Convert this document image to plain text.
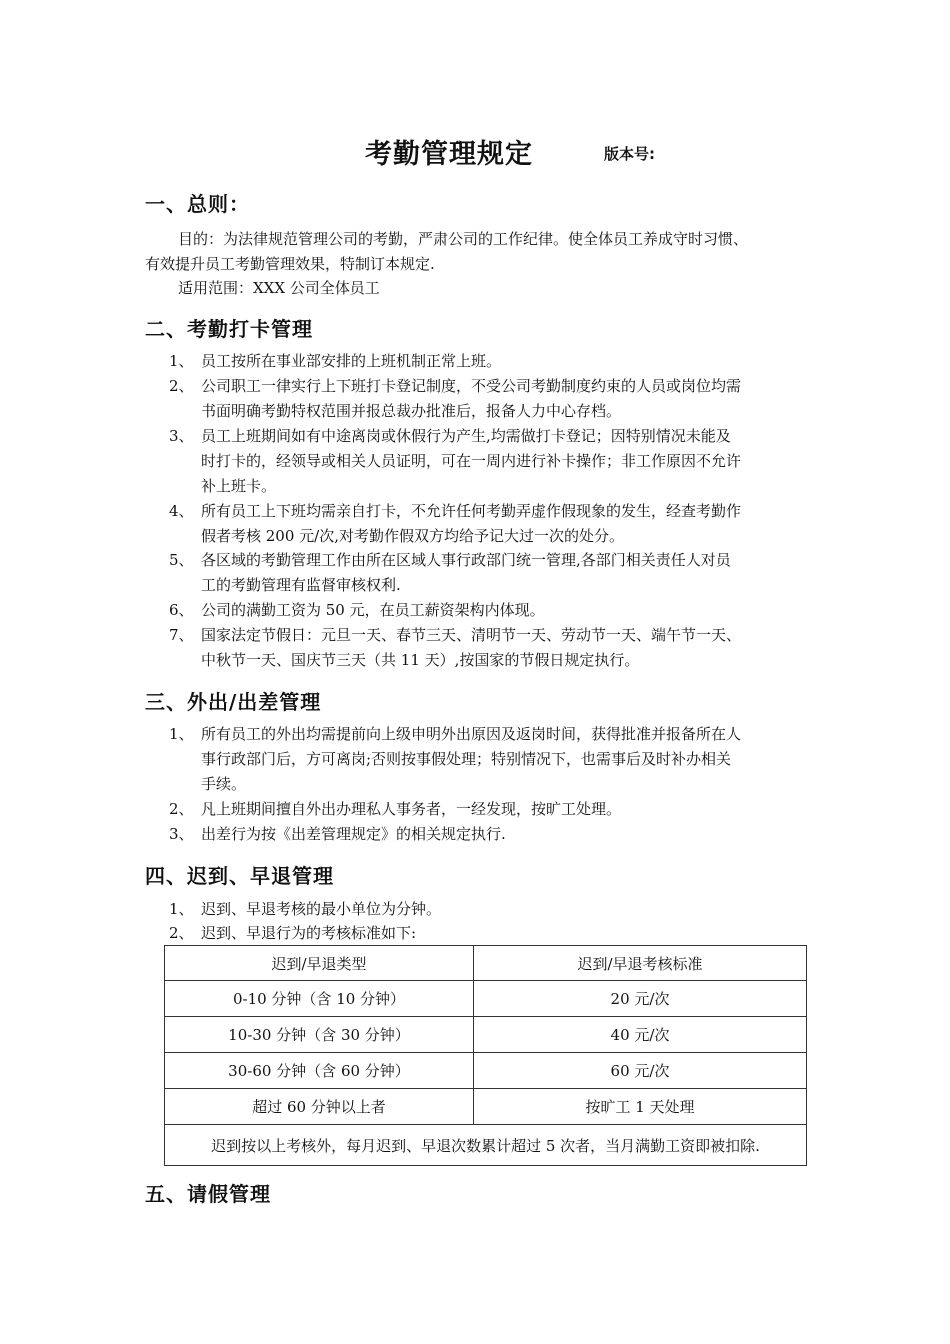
考勤管理规定	版本号:
一、总则：
目的：为法律规范管理公司的考勤，严肃公司的工作纪律。使全体员工养成守时习惯、
有效提升员工考勤管理效果，特制订本规定.
适用范围：XXX 公司全体员工
二、考勤打卡管理
1、 员工按所在事业部安排的上班机制正常上班。
2、 公司职工一律实行上下班打卡登记制度，不受公司考勤制度约束的人员或岗位均需
书面明确考勤特权范围并报总裁办批准后，报备人力中心存档。
3、 员工上班期间如有中途离岗或休假行为产生,均需做打卡登记；因特别情况未能及
时打卡的，经领导或相关人员证明，可在一周内进行补卡操作；非工作原因不允许
补上班卡。
4、 所有员工上下班均需亲自打卡，不允许任何考勤弄虚作假现象的发生，经查考勤作
假者考核 200 元/次,对考勤作假双方均给予记大过一次的处分。
5、 各区域的考勤管理工作由所在区域人事行政部门统一管理,各部门相关责任人对员
工的考勤管理有监督审核权利.
6、 公司的满勤工资为 50 元，在员工薪资架构内体现。
7、 国家法定节假日：元旦一天、春节三天、清明节一天、劳动节一天、端午节一天、
中秋节一天、国庆节三天（共 11 天）,按国家的节假日规定执行。
三、外出/出差管理
1、 所有员工的外出均需提前向上级申明外出原因及返岗时间，获得批准并报备所在人
事行政部门后，方可离岗;否则按事假处理；特别情况下，也需事后及时补办相关
手续。
2、 凡上班期间擅自外出办理私人事务者，一经发现，按旷工处理。
3、 出差行为按《出差管理规定》的相关规定执行.
四、迟到、早退管理
1、 迟到、早退考核的最小单位为分钟。
2、 迟到、早退行为的考核标准如下:
迟到/早退类型	迟到/早退考核标准
0-10 分钟（含 10 分钟）	20 元/次
10-30 分钟（含 30 分钟）	40 元/次
30-60 分钟（含 60 分钟）	60 元/次
超过 60 分钟以上者	按旷工 1 天处理
迟到按以上考核外，每月迟到、早退次数累计超过 5 次者，当月满勤工资即被扣除.	
五、请假管理
